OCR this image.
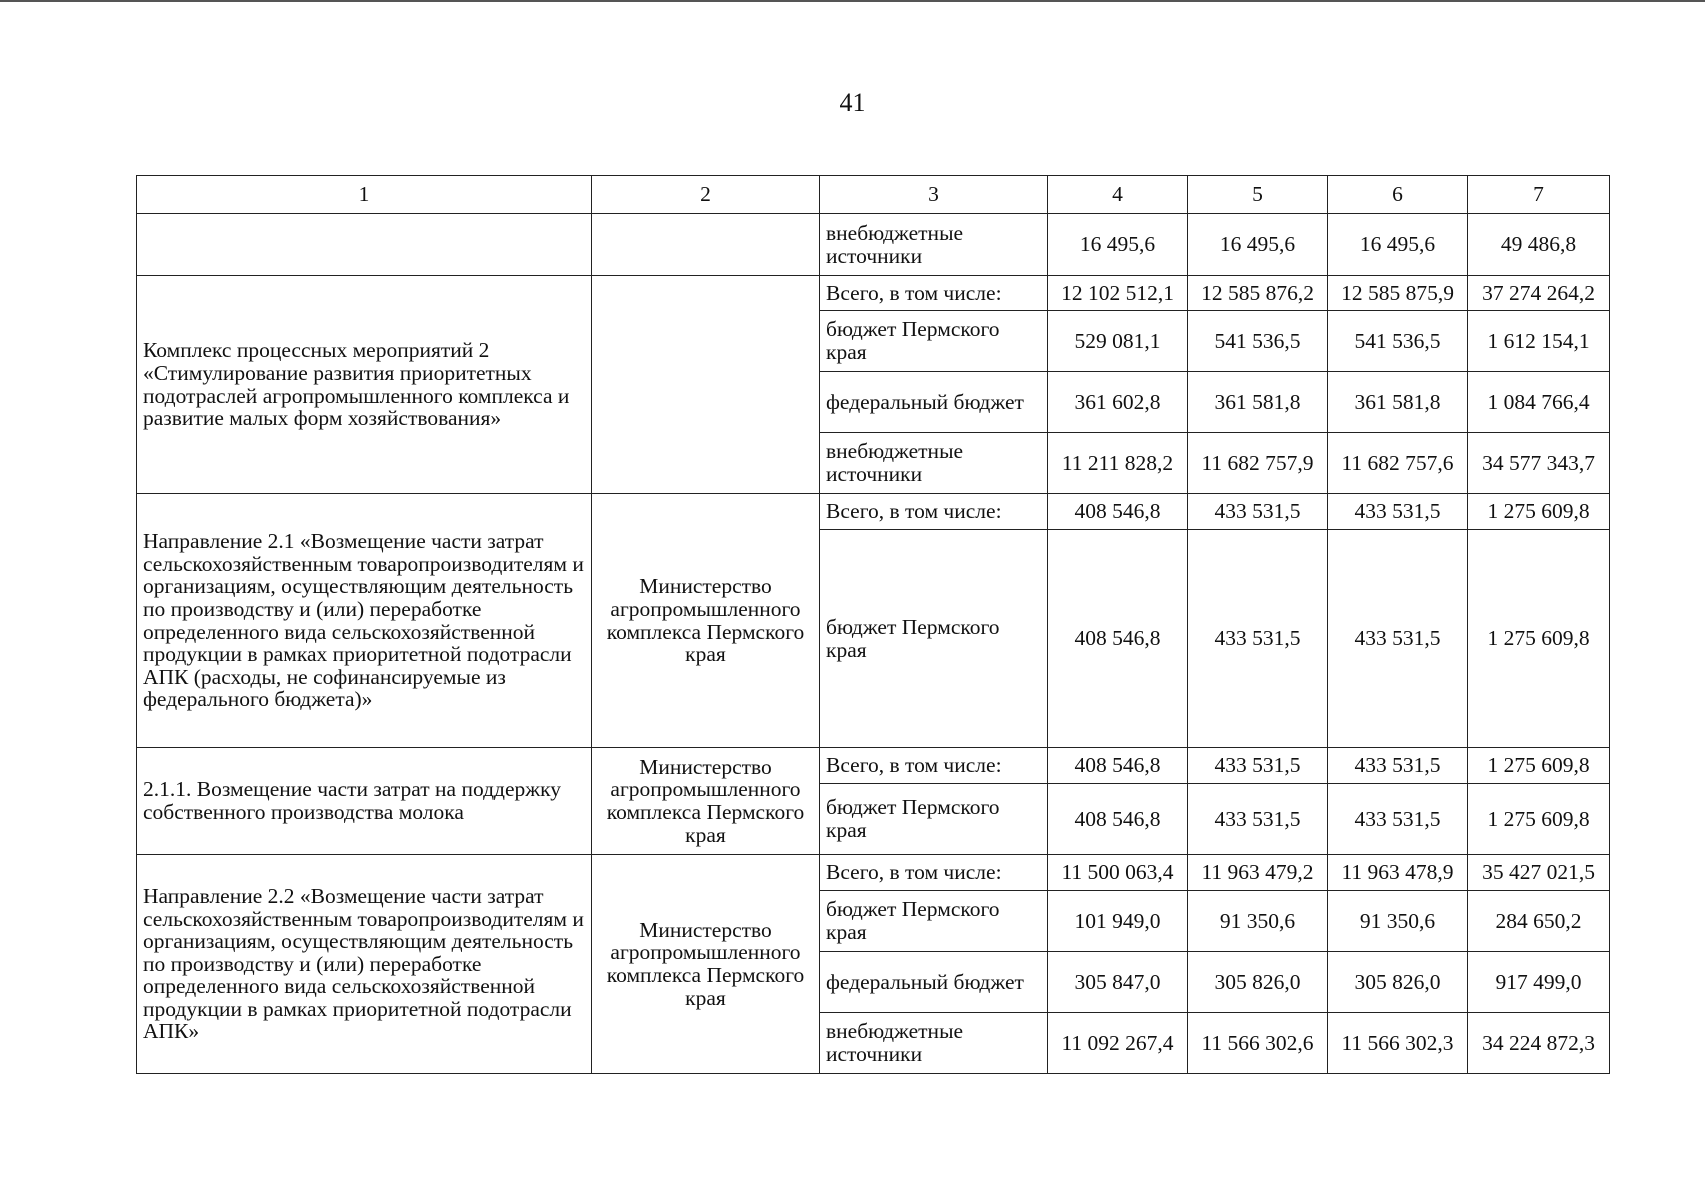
41
1	2	3	4	5	6	7
		внебюджетные источники	16 495,6	16 495,6	16 495,6	49 486,8
Комплекс процессных мероприятий 2 «Стимулирование развития приоритетных подотраслей агропромышленного комплекса и развитие малых форм хозяйствования»		Всего, в том числе:	12 102 512,1	12 585 876,2	12 585 875,9	37 274 264,2
		бюджет Пермского края	529 081,1	541 536,5	541 536,5	1 612 154,1
		федеральный бюджет	361 602,8	361 581,8	361 581,8	1 084 766,4
		внебюджетные источники	11 211 828,2	11 682 757,9	11 682 757,6	34 577 343,7
Направление 2.1 «Возмещение части затрат сельскохозяйственным товаропроизводителям и организациям, осуществляющим деятельность по производству и (или) переработке определенного вида сельскохозяйственной продукции в рамках приоритетной подотрасли АПК (расходы, не софинансируемые из федерального бюджета)»	Министерство агропромышленного комплекса Пермского края	Всего, в том числе:	408 546,8	433 531,5	433 531,5	1 275 609,8
		бюджет Пермского края	408 546,8	433 531,5	433 531,5	1 275 609,8
2.1.1. Возмещение части затрат на поддержку собственного производства молока	Министерство агропромышленного комплекса Пермского края	Всего, в том числе:	408 546,8	433 531,5	433 531,5	1 275 609,8
		бюджет Пермского края	408 546,8	433 531,5	433 531,5	1 275 609,8
Направление 2.2 «Возмещение части затрат сельскохозяйственным товаропроизводителям и организациям, осуществляющим деятельность по производству и (или) переработке определенного вида сельскохозяйственной продукции в рамках приоритетной подотрасли АПК»	Министерство агропромышленного комплекса Пермского края	Всего, в том числе:	11 500 063,4	11 963 479,2	11 963 478,9	35 427 021,5
		бюджет Пермского края	101 949,0	91 350,6	91 350,6	284 650,2
		федеральный бюджет	305 847,0	305 826,0	305 826,0	917 499,0
		внебюджетные источники	11 092 267,4	11 566 302,6	11 566 302,3	34 224 872,3
